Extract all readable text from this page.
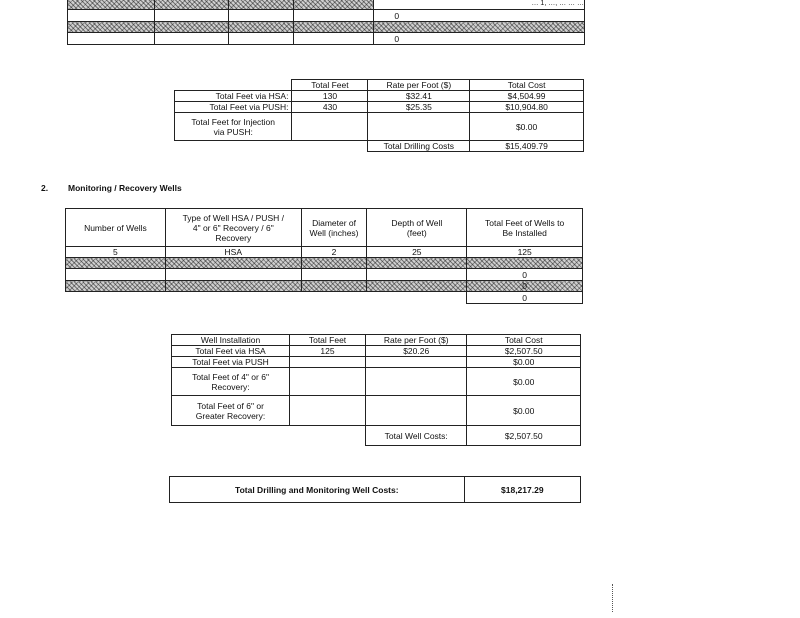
				… 1, …, … … …
				0

				0
	Total Feet	Rate per Foot ($)	Total Cost
Total Feet via HSA:	130	$32.41	$4,504.99
Total Feet via PUSH:	430	$25.35	$10,904.80
Total Feet for Injection via PUSH:			$0.00
		Total Drilling Costs	$15,409.79
2. Monitoring / Recovery Wells
Number of Wells	Type of Well HSA / PUSH / 4" or 6" Recovery / 6" Recovery	Diameter of Well (inches)	Depth of Well (feet)	Total Feet of Wells to Be Installed
5	HSA	2	25	125

				0
				0
				0
Well Installation	Total Feet	Rate per Foot ($)	Total Cost
Total Feet via HSA	125	$20.26	$2,507.50
Total Feet via PUSH			$0.00
Total Feet of 4" or 6" Recovery:			$0.00
Total Feet of 6" or Greater Recovery:			$0.00
		Total Well Costs:	$2,507.50
Total Drilling and Monitoring Well Costs:	$18,217.29
